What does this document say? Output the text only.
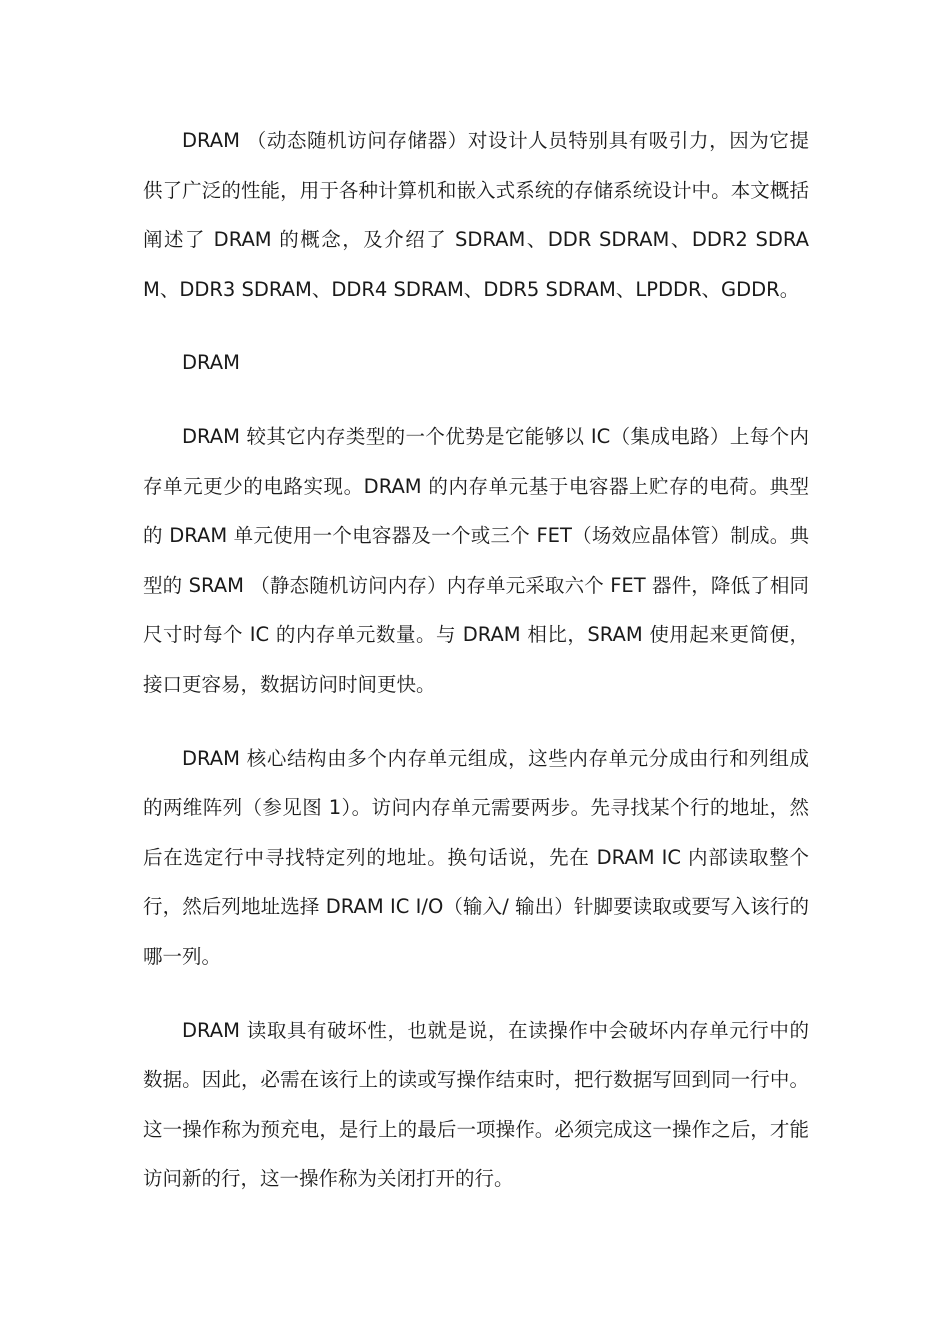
DRAM （动态随机访问存储器）对设计人员特别具有吸引力，因为它提供了广泛的性能，用于各种计算机和嵌入式系统的存储系统设计中。本文概括阐述了 DRAM 的概念，及介绍了 SDRAM、DDR SDRAM、DDR2 SDRAM、DDR3 SDRAM、DDR4 SDRAM、DDR5 SDRAM、LPDDR、GDDR。

DRAM

DRAM 较其它内存类型的一个优势是它能够以 IC（集成电路）上每个内存单元更少的电路实现。DRAM 的内存单元基于电容器上贮存的电荷。典型的 DRAM 单元使用一个电容器及一个或三个 FET（场效应晶体管）制成。典型的 SRAM （静态随机访问内存）内存单元采取六个 FET 器件，降低了相同尺寸时每个 IC 的内存单元数量。与 DRAM 相比，SRAM 使用起来更简便，接口更容易，数据访问时间更快。

DRAM 核心结构由多个内存单元组成，这些内存单元分成由行和列组成的两维阵列（参见图 1）。访问内存单元需要两步。先寻找某个行的地址，然后在选定行中寻找特定列的地址。换句话说，先在 DRAM IC 内部读取整个行，然后列地址选择 DRAM IC I/O（输入/ 输出）针脚要读取或要写入该行的哪一列。

DRAM 读取具有破坏性，也就是说，在读操作中会破坏内存单元行中的数据。因此，必需在该行上的读或写操作结束时，把行数据写回到同一行中。这一操作称为预充电，是行上的最后一项操作。必须完成这一操作之后，才能访问新的行，这一操作称为关闭打开的行。
